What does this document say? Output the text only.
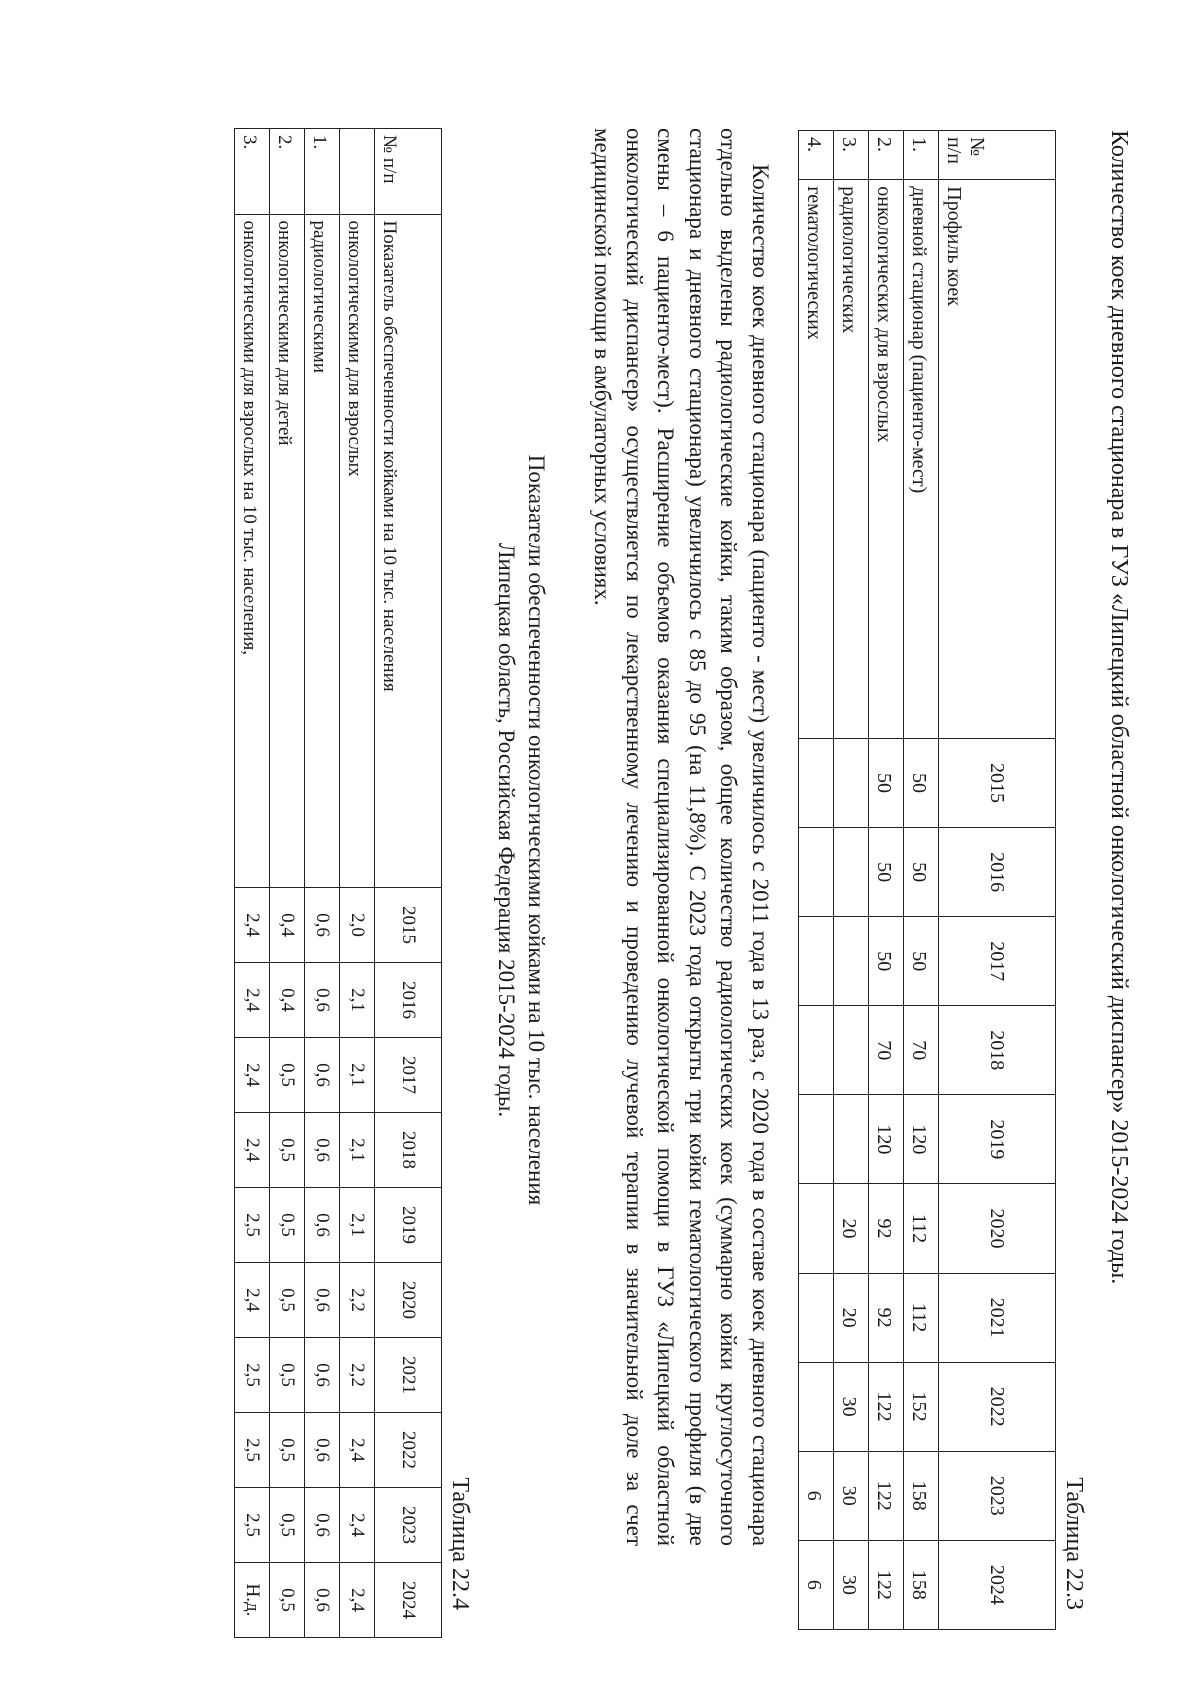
Количество коек дневного стационара в ГУЗ «Липецкий областной онкологический диспансер» 2015-2024 годы.
Таблица 22.3
№ п/п	Профиль коек	2015	2016	2017	2018	2019	2020	2021	2022	2023	2024
1.	дневной стационар (пациенто-мест)	50	50	50	70	120	112	112	152	158	158
2.	онкологических для взрослых	50	50	50	70	120	92	92	122	122	122
3.	радиологических						20	20	30	30	30
4.	гематологических									6	6
Количество коек дневного стационара (пациенто - мест) увеличилось с 2011 года в 13 раз, с 2020 года в составе коек дневного стационара отдельно выделены радиологические койки, таким образом, общее количество радиологических коек (суммарно койки круглосуточного стационара и дневного стационара) увеличилось с 85 до 95 (на 11,8%). С 2023 года открыты три койки гематологического профиля (в две смены – 6 пациенто-мест). Расширение объемов оказания специализированной онкологической помощи в ГУЗ «Липецкий областной онкологический диспансер» осуществляется по лекарственному лечению и проведению лучевой терапии в значительной доле за счет медицинской помощи в амбулаторных условиях.
Показатели обеспеченности онкологическими койками на 10 тыс. населения
Липецкая область, Российская Федерация 2015-2024 годы.
Таблица 22.4
№ п/п	Показатель обеспеченности койками на 10 тыс. населения	2015	2016	2017	2018	2019	2020	2021	2022	2023	2024
	онкологическими для взрослых	2,0	2,1	2,1	2,1	2,1	2,2	2,2	2,4	2,4	2,4
1.	радиологическими	0,6	0,6	0,6	0,6	0,6	0,6	0,6	0,6	0,6	0,6
2.	онкологическими для детей	0,4	0,4	0,5	0,5	0,5	0,5	0,5	0,5	0,5	0,5
3.	онкологическими для взрослых на 10 тыс. населения,	2,4	2,4	2,4	2,4	2,5	2,4	2,5	2,5	2,5	Н.д.
